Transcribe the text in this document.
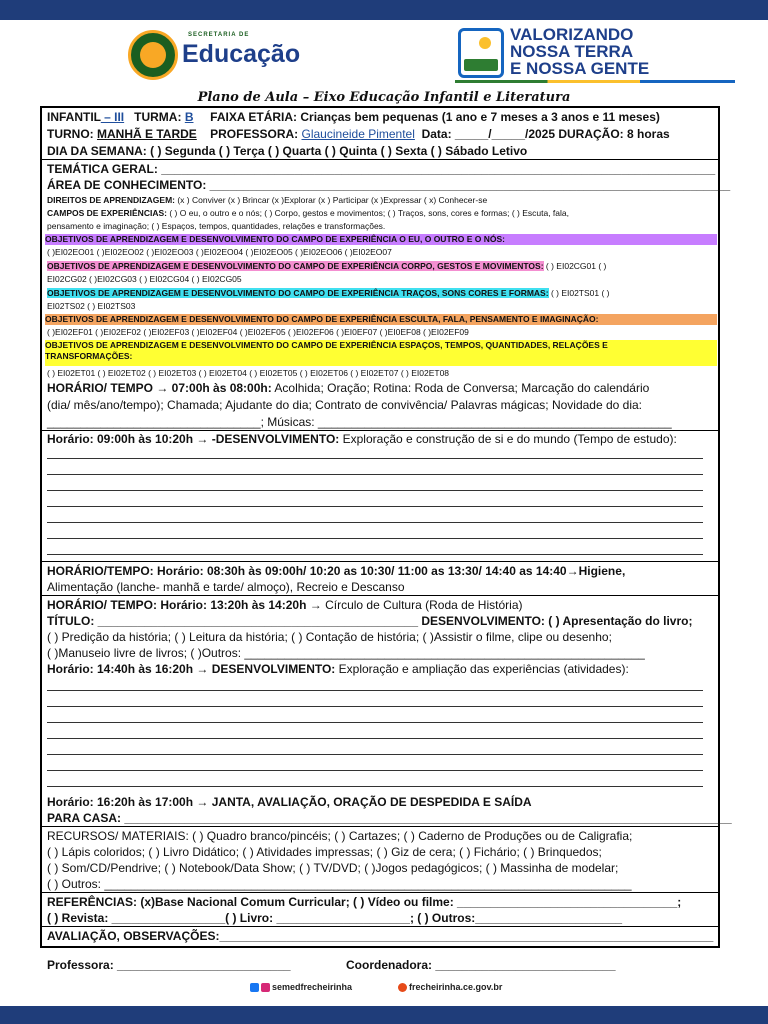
SECRETARIA DE
Educação
VALORIZANDO
NOSSA TERRA
E NOSSA GENTE
Plano de Aula – Eixo Educação Infantil e Literatura
INFANTIL – III TURMA: B FAIXA ETÁRIA: Crianças bem pequenas (1 ano e 7 meses a 3 anos e 11 meses)
TURNO: MANHÃ E TARDE PROFESSORA: Glaucineide Pimentel Data: _____/_____/2025 DURAÇÃO: 8 horas
DIA DA SEMANA: ( ) Segunda ( ) Terça ( ) Quarta ( ) Quinta ( ) Sexta ( ) Sábado Letivo
TEMÁTICA GERAL: ___________________________________________________________________________________
ÁREA DE CONHECIMENTO: ______________________________________________________________________________
DIREITOS DE APRENDIZAGEM: (x ) Conviver (x ) Brincar (x )Explorar (x ) Participar (x )Expressar ( x) Conhecer-se
CAMPOS DE EXPERIÊNCIAS: ( ) O eu, o outro e o nós; ( ) Corpo, gestos e movimentos; ( ) Traços, sons, cores e formas; ( ) Escuta, fala,
pensamento e imaginação; ( ) Espaços, tempos, quantidades, relações e transformações.
OBJETIVOS DE APRENDIZAGEM E DESENVOLVIMENTO DO CAMPO DE EXPERIÊNCIA O EU, O OUTRO E O NÓS:
( )EI02EO01 ( )EI02EO02 ( )EI02EO03 ( )EI02EO04 ( )EI02EO05 ( )EI02EO06 ( )EI02EO07
OBJETIVOS DE APRENDIZAGEM E DESENVOLVIMENTO DO CAMPO DE EXPERIÊNCIA CORPO, GESTOS E MOVIMENTOS: ( ) EI02CG01 ( )
EI02CG02 ( )EI02CG03 ( ) EI02CG04 ( ) EI02CG05
OBJETIVOS DE APRENDIZAGEM E DESENVOLVIMENTO DO CAMPO DE EXPERIÊNCIA TRAÇOS, SONS CORES E FORMAS: ( ) EI02TS01 ( )
EI02TS02 ( ) EI02TS03
OBJETIVOS DE APRENDIZAGEM E DESENVOLVIMENTO DO CAMPO DE EXPERIÊNCIA ESCULTA, FALA, PENSAMENTO E IMAGINAÇÃO:
( )EI02EF01 ( )EI02EF02 ( )EI02EF03 ( )EI02EF04 ( )EI02EF05 ( )EI02EF06 ( )EI0EF07 ( )EI0EF08 ( )EI02EF09
OBJETIVOS DE APRENDIZAGEM E DESENVOLVIMENTO DO CAMPO DE EXPERIÊNCIA ESPAÇOS, TEMPOS, QUANTIDADES, RELAÇÕES E
TRANSFORMAÇÕES:
( ) EI02ET01 ( ) EI02ET02 ( ) EI02ET03 ( ) EI02ET04 ( ) EI02ET05 ( ) EI02ET06 ( ) EI02ET07 ( ) EI02ET08
HORÁRIO/ TEMPO → 07:00h às 08:00h: Acolhida; Oração; Rotina: Roda de Conversa; Marcação do calendário
(dia/ mês/ano/tempo); Chamada; Ajudante do dia; Contrato de convivência/ Palavras mágicas; Novidade do dia:
________________________________; Músicas: _____________________________________________________
Horário: 09:00h às 10:20h → -DESENVOLVIMENTO: Exploração e construção de si e do mundo (Tempo de estudo):
HORÁRIO/TEMPO: Horário: 08:30h às 09:00h/ 10:20 as 10:30/ 11:00 as 13:30/ 14:40 as 14:40→Higiene,
Alimentação (lanche- manhã e tarde/ almoço), Recreio e Descanso
HORÁRIO/ TEMPO: Horário: 13:20h às 14:20h → Círculo de Cultura (Roda de História)
TÍTULO: ________________________________________________ DESENVOLVIMENTO: ( ) Apresentação do livro;
( ) Predição da história; ( ) Leitura da história; ( ) Contação de história; ( )Assistir o filme, clipe ou desenho;
( )Manuseio livre de livros; ( )Outros: ____________________________________________________________
Horário: 14:40h às 16:20h → DESENVOLVIMENTO: Exploração e ampliação das experiências (atividades):
Horário: 16:20h às 17:00h → JANTA, AVALIAÇÃO, ORAÇÃO DE DESPEDIDA E SAÍDA
PARA CASA: ___________________________________________________________________________________________
RECURSOS/ MATERIAIS: ( ) Quadro branco/pincéis; ( ) Cartazes; ( ) Caderno de Produções ou de Caligrafia;
( ) Lápis coloridos; ( ) Livro Didático; ( ) Atividades impressas; ( ) Giz de cera; ( ) Fichário; ( ) Brinquedos;
( ) Som/CD/Pendrive; ( ) Notebook/Data Show; ( ) TV/DVD; ( )Jogos pedagógicos; ( ) Massinha de modelar;
( ) Outros: _______________________________________________________________________________
REFERÊNCIAS: (x)Base Nacional Comum Curricular; ( ) Vídeo ou filme: _________________________________;
( ) Revista: _________________( ) Livro: ____________________; ( ) Outros:______________________
AVALIAÇÃO, OBSERVAÇÕES:__________________________________________________________________________
Professora: __________________________	Coordenadora: ___________________________
semedfrecheirinha	frecheirinha.ce.gov.br
